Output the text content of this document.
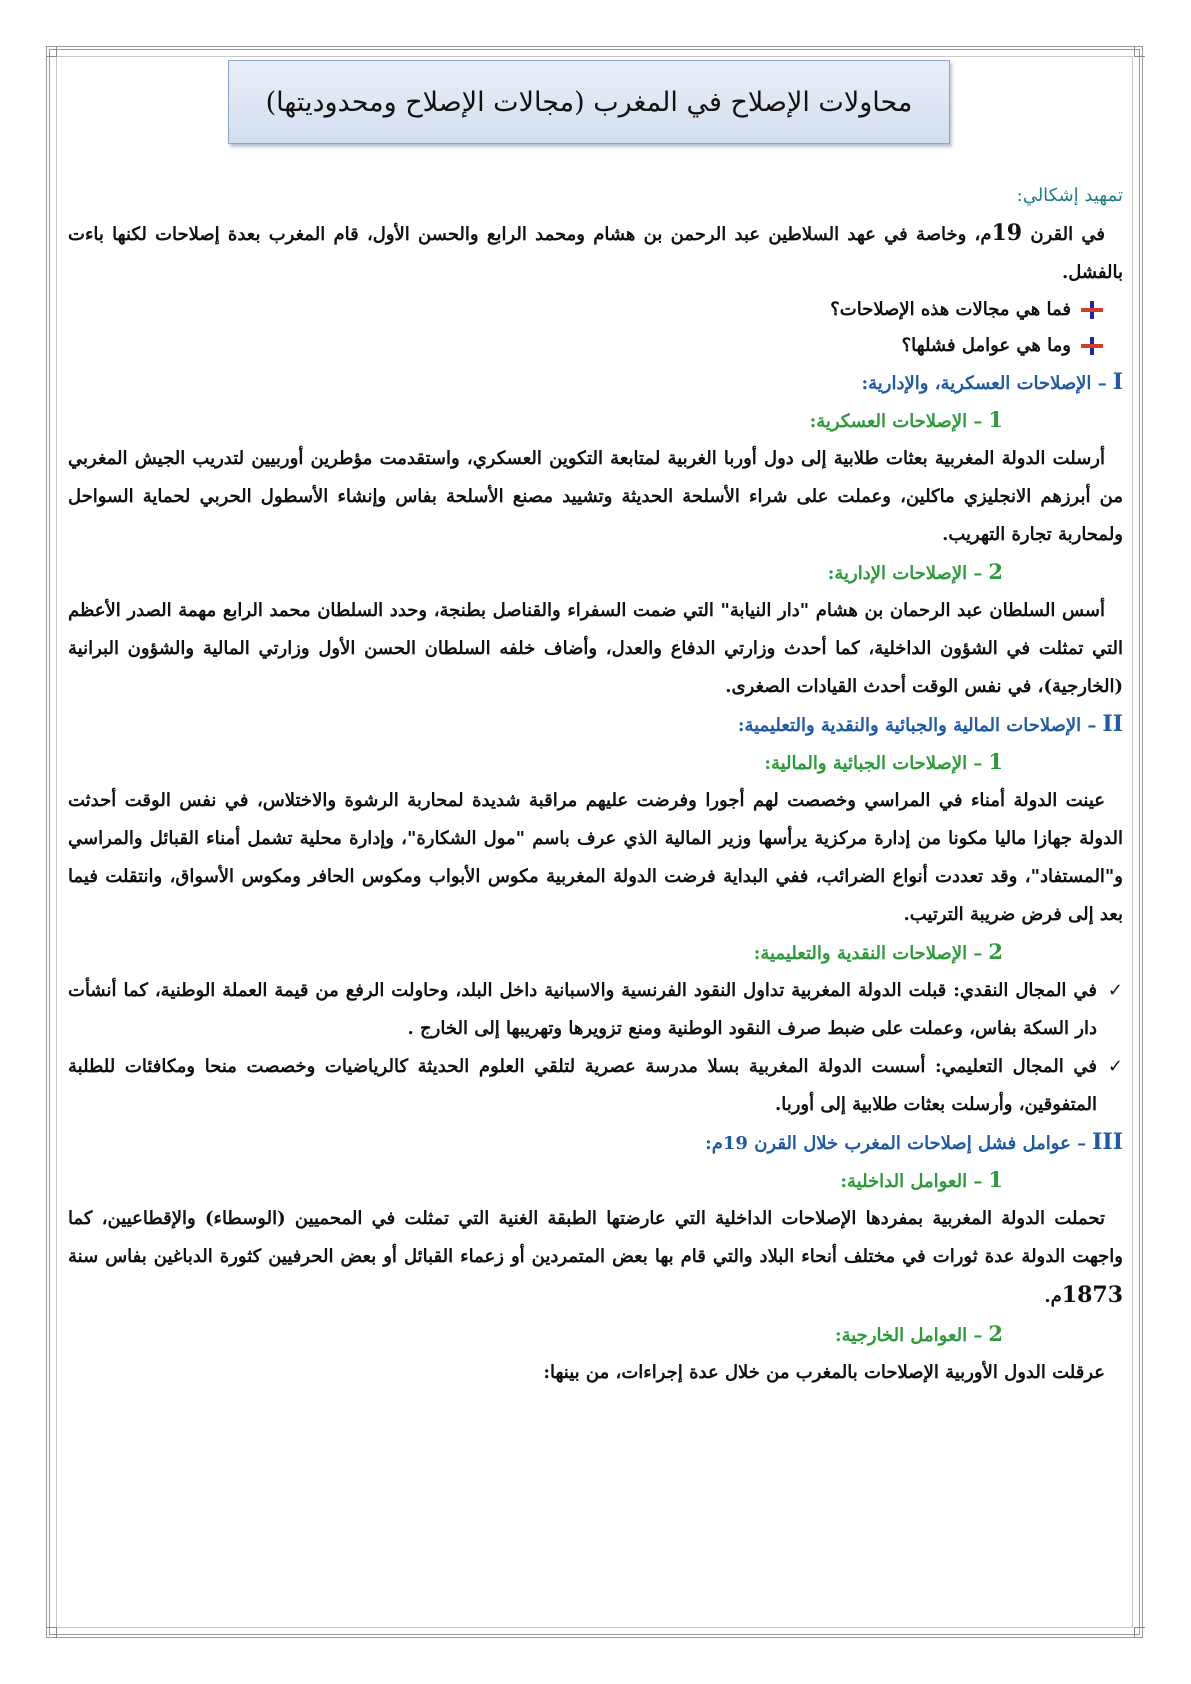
محاولات الإصلاح في المغرب (مجالات الإصلاح ومحدوديتها)

تمهيد إشكالي:

في القرن 19م، وخاصة في عهد السلاطين عبد الرحمن بن هشام ومحمد الرابع والحسن الأول، قام المغرب بعدة إصلاحات لكنها باءت بالفشل.

فما هي مجالات هذه الإصلاحات؟

وما هي عوامل فشلها؟

I– الإصلاحات العسكرية، والإدارية:

1– الإصلاحات العسكرية:

أرسلت الدولة المغربية بعثات طلابية إلى دول أوربا الغربية لمتابعة التكوين العسكري، واستقدمت مؤطرين أوربيين لتدريب الجيش المغربي من أبرزهم الانجليزي ماكلين، وعملت على شراء الأسلحة الحديثة وتشييد مصنع الأسلحة بفاس وإنشاء الأسطول الحربي لحماية السواحل ولمحاربة تجارة التهريب.

2– الإصلاحات الإدارية:

أسس السلطان عبد الرحمان بن هشام "دار النيابة" التي ضمت السفراء والقناصل بطنجة، وحدد السلطان محمد الرابع مهمة الصدر الأعظم التي تمثلت في الشؤون الداخلية، كما أحدث وزارتي الدفاع والعدل، وأضاف خلفه السلطان الحسن الأول وزارتي المالية والشؤون البرانية (الخارجية)، في نفس الوقت أحدث القيادات الصغرى.

II– الإصلاحات المالية والجبائية والنقدية والتعليمية:

1– الإصلاحات الجبائية والمالية:

عينت الدولة أمناء في المراسي وخصصت لهم أجورا وفرضت عليهم مراقبة شديدة لمحاربة الرشوة والاختلاس، في نفس الوقت أحدثت الدولة جهازا ماليا مكونا من إدارة مركزية يرأسها وزير المالية الذي عرف باسم "مول الشكارة"، وإدارة محلية تشمل أمناء القبائل والمراسي و"المستفاد"، وقد تعددت أنواع الضرائب، ففي البداية فرضت الدولة المغربية مكوس الأبواب ومكوس الحافر ومكوس الأسواق، وانتقلت فيما بعد إلى فرض ضريبة الترتيب.

2– الإصلاحات النقدية والتعليمية:

✓
في المجال النقدي: قبلت الدولة المغربية تداول النقود الفرنسية والاسبانية داخل البلد، وحاولت الرفع من قيمة العملة الوطنية، كما أنشأت دار السكة بفاس، وعملت على ضبط صرف النقود الوطنية ومنع تزويرها وتهريبها إلى الخارج .

✓
في المجال التعليمي: أسست الدولة المغربية بسلا مدرسة عصرية لتلقي العلوم الحديثة كالرياضيات وخصصت منحا ومكافئات للطلبة المتفوقين، وأرسلت بعثات طلابية إلى أوربا.

III– عوامل فشل إصلاحات المغرب خلال القرن 19م:

1– العوامل الداخلية:

تحملت الدولة المغربية بمفردها الإصلاحات الداخلية التي عارضتها الطبقة الغنية التي تمثلت في المحميين (الوسطاء) والإقطاعيين، كما واجهت الدولة عدة ثورات في مختلف أنحاء البلاد والتي قام بها بعض المتمردين أو زعماء القبائل أو بعض الحرفيين كثورة الدباغين بفاس سنة 1873م.

2– العوامل الخارجية:

عرقلت الدول الأوربية الإصلاحات بالمغرب من خلال عدة إجراءات، من بينها:
